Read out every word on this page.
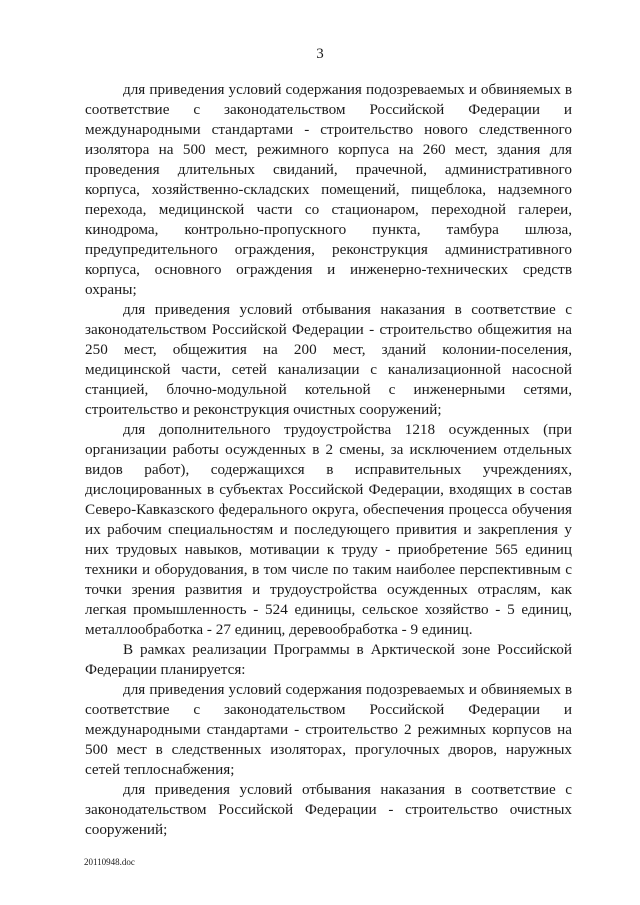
3

для приведения условий содержания подозреваемых и обвиняемых в соответствие с законодательством Российской Федерации и международными стандартами - строительство нового следственного изолятора на 500 мест, режимного корпуса на 260 мест, здания для проведения длительных свиданий, прачечной, административного корпуса, хозяйственно-складских помещений, пищеблока, надземного перехода, медицинской части со стационаром, переходной галереи, кинодрома, контрольно-пропускного пункта, тамбура шлюза, предупредительного ограждения, реконструкция административного корпуса, основного ограждения и инженерно-технических средств охраны;

для приведения условий отбывания наказания в соответствие с законодательством Российской Федерации - строительство общежития на 250 мест, общежития на 200 мест, зданий колонии-поселения, медицинской части, сетей канализации с канализационной насосной станцией, блочно-модульной котельной с инженерными сетями, строительство и реконструкция очистных сооружений;

для дополнительного трудоустройства 1218 осужденных (при организации работы осужденных в 2 смены, за исключением отдельных видов работ), содержащихся в исправительных учреждениях, дислоцированных в субъектах Российской Федерации, входящих в состав Северо-Кавказского федерального округа, обеспечения процесса обучения их рабочим специальностям и последующего привития и закрепления у них трудовых навыков, мотивации к труду - приобретение 565 единиц техники и оборудования, в том числе по таким наиболее перспективным с точки зрения развития и трудоустройства осужденных отраслям, как легкая промышленность - 524 единицы, сельское хозяйство - 5 единиц, металлообработка - 27 единиц, деревообработка - 9 единиц.

В рамках реализации Программы в Арктической зоне Российской Федерации планируется:

для приведения условий содержания подозреваемых и обвиняемых в соответствие с законодательством Российской Федерации и международными стандартами - строительство 2 режимных корпусов на 500 мест в следственных изоляторах, прогулочных дворов, наружных сетей теплоснабжения;

для приведения условий отбывания наказания в соответствие с законодательством Российской Федерации - строительство очистных сооружений;

20110948.doc
